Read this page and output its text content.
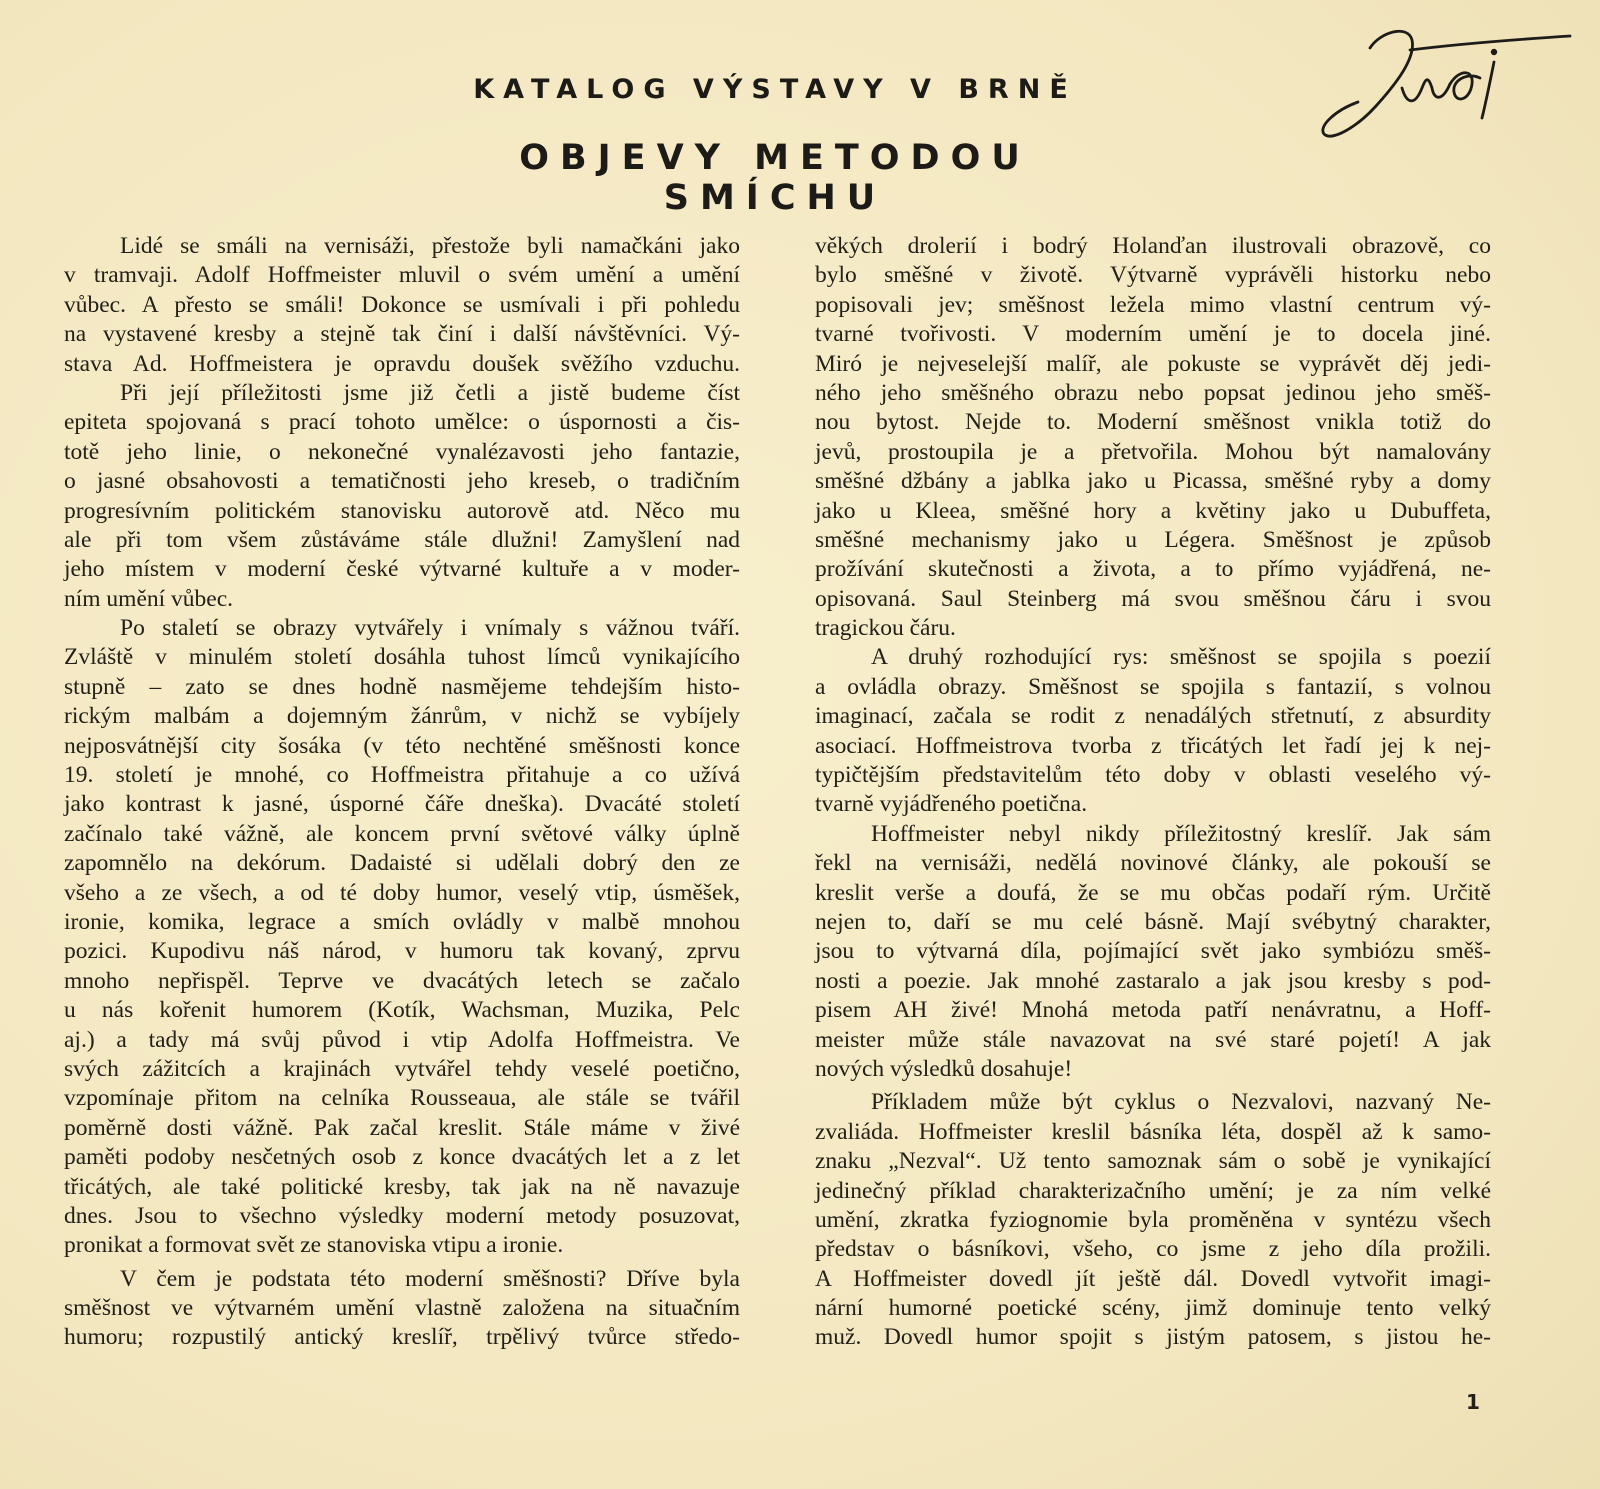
KATALOG VÝSTAVY V BRNĚ
OBJEVY METODOU SMÍCHU
Lidé se smáli na vernisáži, přestože byli namačkáni jako
v tramvaji. Adolf Hoffmeister mluvil o svém umění a umění
vůbec. A přesto se smáli! Dokonce se usmívali i při pohledu
na vystavené kresby a stejně tak činí i další návštěvníci. Vý-
stava Ad. Hoffmeistera je opravdu doušek svěžího vzduchu.
Při její příležitosti jsme již četli a jistě budeme číst
epiteta spojovaná s prací tohoto umělce: o úspornosti a čis-
totě jeho linie, o nekonečné vynalézavosti jeho fantazie,
o jasné obsahovosti a tematičnosti jeho kreseb, o tradičním
progresívním politickém stanovisku autorově atd. Něco mu
ale při tom všem zůstáváme stále dlužni! Zamyšlení nad
jeho místem v moderní české výtvarné kultuře a v moder-
ním umění vůbec.
Po staletí se obrazy vytvářely i vnímaly s vážnou tváří.
Zvláště v minulém století dosáhla tuhost límců vynikajícího
stupně – zato se dnes hodně nasmějeme tehdejším histo-
rickým malbám a dojemným žánrům, v nichž se vybíjely
nejposvátnější city šosáka (v této nechtěné směšnosti konce
19. století je mnohé, co Hoffmeistra přitahuje a co užívá
jako kontrast k jasné, úsporné čáře dneška). Dvacáté století
začínalo také vážně, ale koncem první světové války úplně
zapomnělo na dekórum. Dadaisté si udělali dobrý den ze
všeho a ze všech, a od té doby humor, veselý vtip, úsměšek,
ironie, komika, legrace a smích ovládly v malbě mnohou
pozici. Kupodivu náš národ, v humoru tak kovaný, zprvu
mnoho nepřispěl. Teprve ve dvacátých letech se začalo
u nás kořenit humorem (Kotík, Wachsman, Muzika, Pelc
aj.) a tady má svůj původ i vtip Adolfa Hoffmeistra. Ve
svých zážitcích a krajinách vytvářel tehdy veselé poetično,
vzpomínaje přitom na celníka Rousseaua, ale stále se tvářil
poměrně dosti vážně. Pak začal kreslit. Stále máme v živé
paměti podoby nesčetných osob z konce dvacátých let a z let
třicátých, ale také politické kresby, tak jak na ně navazuje
dnes. Jsou to všechno výsledky moderní metody posuzovat,
pronikat a formovat svět ze stanoviska vtipu a ironie.
V čem je podstata této moderní směšnosti? Dříve byla
směšnost ve výtvarném umění vlastně založena na situačním
humoru; rozpustilý antický kreslíř, trpělivý tvůrce středo-
věkých drolerií i bodrý Holanďan ilustrovali obrazově, co
bylo směšné v životě. Výtvarně vyprávěli historku nebo
popisovali jev; směšnost ležela mimo vlastní centrum vý-
tvarné tvořivosti. V moderním umění je to docela jiné.
Miró je nejveselejší malíř, ale pokuste se vyprávět děj jedi-
ného jeho směšného obrazu nebo popsat jedinou jeho směš-
nou bytost. Nejde to. Moderní směšnost vnikla totiž do
jevů, prostoupila je a přetvořila. Mohou být namalovány
směšné džbány a jablka jako u Picassa, směšné ryby a domy
jako u Kleea, směšné hory a květiny jako u Dubuffeta,
směšné mechanismy jako u Légera. Směšnost je způsob
prožívání skutečnosti a života, a to přímo vyjádřená, ne-
opisovaná. Saul Steinberg má svou směšnou čáru i svou
tragickou čáru.
A druhý rozhodující rys: směšnost se spojila s poezií
a ovládla obrazy. Směšnost se spojila s fantazií, s volnou
imaginací, začala se rodit z nenadálých střetnutí, z absurdity
asociací. Hoffmeistrova tvorba z třicátých let řadí jej k nej-
typičtějším představitelům této doby v oblasti veselého vý-
tvarně vyjádřeného poetična.
Hoffmeister nebyl nikdy příležitostný kreslíř. Jak sám
řekl na vernisáži, nedělá novinové články, ale pokouší se
kreslit verše a doufá, že se mu občas podaří rým. Určitě
nejen to, daří se mu celé básně. Mají svébytný charakter,
jsou to výtvarná díla, pojímající svět jako symbiózu směš-
nosti a poezie. Jak mnohé zastaralo a jak jsou kresby s pod-
pisem AH živé! Mnohá metoda patří nenávratnu, a Hoff-
meister může stále navazovat na své staré pojetí! A jak
nových výsledků dosahuje!
Příkladem může být cyklus o Nezvalovi, nazvaný Ne-
zvaliáda. Hoffmeister kreslil básníka léta, dospěl až k samo-
znaku „Nezval“. Už tento samoznak sám o sobě je vynikající
jedinečný příklad charakterizačního umění; je za ním velké
umění, zkratka fyziognomie byla proměněna v syntézu všech
představ o básníkovi, všeho, co jsme z jeho díla prožili.
A Hoffmeister dovedl jít ještě dál. Dovedl vytvořit imagi-
nární humorné poetické scény, jimž dominuje tento velký
muž. Dovedl humor spojit s jistým patosem, s jistou he-
1
